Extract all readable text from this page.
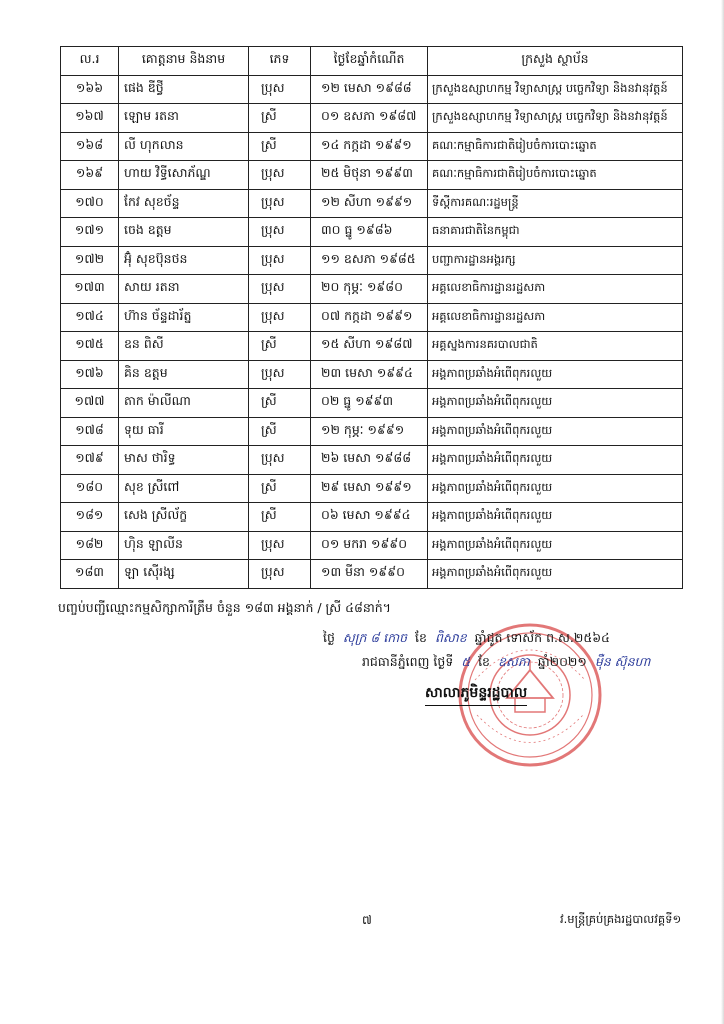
ល.រ	គោត្តនាម និងនាម	ភេទ	ថ្ងៃខែឆ្នាំកំណើត	ក្រសួង ស្ថាប័ន
១៦៦	ផេង ឌីថ្វី	ប្រុស	១២ មេសា ១៩៨៨	ក្រសួងឧស្សាហកម្ម វិទ្យាសាស្ត្រ បច្ចេកវិទ្យា និងនវានុវត្តន៍
១៦៧	ឡោម រតនា	ស្រី	០១ ឧសភា ១៩៨៧	ក្រសួងឧស្សាហកម្ម វិទ្យាសាស្ត្រ បច្ចេកវិទ្យា និងនវានុវត្តន៍
១៦៨	លី ហុកលាន	ស្រី	១៤ កក្កដា ១៩៩១	គណៈកម្មាធិការជាតិរៀបចំការបោះឆ្នោត
១៦៩	ហាយ វិទ្ធីសោភ័ណ្ឌ	ប្រុស	២៥ មិថុនា ១៩៩៣	គណៈកម្មាធិការជាតិរៀបចំការបោះឆ្នោត
១៧០	កែវ សុខច័ន្ទ	ប្រុស	១២ សីហា ១៩៩១	ទីស្តីការគណៈរដ្ឋមន្ត្រី
១៧១	ចេង ឧត្តម	ប្រុស	៣០ ធ្នូ ១៩៨៦	ធនាគារជាតិនៃកម្ពុជា
១៧២	អ៊ុំ សុខប៊ុនថន	ប្រុស	១១ ឧសភា ១៩៨៥	បញ្ជាការដ្ឋានអង្គរក្ស
១៧៣	សាយ រតនា	ប្រុស	២០ កុម្ភៈ ១៩៨០	អគ្គលេខាធិការដ្ឋានរដ្ឋសភា
១៧៤	ហ៊ាន ច័ន្ទដារ័ត្ន	ប្រុស	០៧ កក្កដា ១៩៩១	អគ្គលេខាធិការដ្ឋានរដ្ឋសភា
១៧៥	ឧន ពិសី	ស្រី	១៥ សីហា ១៩៨៧	អគ្គស្នងការនគរបាលជាតិ
១៧៦	គិន ឧត្តម	ប្រុស	២៣ មេសា ១៩៩៤	អង្គភាពប្រឆាំងអំពើពុករលួយ
១៧៧	តាក ម៉ាលីណា	ស្រី	០២ ធ្នូ ១៩៩៣	អង្គភាពប្រឆាំងអំពើពុករលួយ
១៧៨	ទុយ ធារី	ស្រី	១២ កុម្ភៈ ១៩៩១	អង្គភាពប្រឆាំងអំពើពុករលួយ
១៧៩	មាស ថារិទ្ធ	ប្រុស	២៦ មេសា ១៩៨៨	អង្គភាពប្រឆាំងអំពើពុករលួយ
១៨០	សុខ ស្រីពៅ	ស្រី	២៩ មេសា ១៩៩១	អង្គភាពប្រឆាំងអំពើពុករលួយ
១៨១	សេង ស្រីល័ក្ខ	ស្រី	០៦ មេសា ១៩៩៤	អង្គភាពប្រឆាំងអំពើពុករលួយ
១៨២	ហ៊ិន ឡាលីន	ប្រុស	០១ មករា ១៩៩០	អង្គភាពប្រឆាំងអំពើពុករលួយ
១៨៣	ឡា ស៊ើរង្ស	ប្រុស	១៣ មីនា ១៩៩០	អង្គភាពប្រឆាំងអំពើពុករលួយ
បញ្ចប់បញ្ជីឈ្មោះកម្មសិក្សាការីត្រឹម ចំនួន ១៨៣ អង្គនាក់ / ស្រី ៤៨នាក់។
ថ្ងៃ សុក្រ ៨ កោច ខែ ពិសាខ ឆ្នាំជូត ទោស័ក ព.ស.២៥៦៤
រាជធានីភ្នំពេញ ថ្ងៃទី ៥ ខែ ឧសភា ឆ្នាំ២០២១ ម៉ឺន ស៊ុនហា
សាលាភូមិន្ទរដ្ឋបាល
៧	វ.មន្ត្រីគ្រប់គ្រងរដ្ឋបាលវគ្គទី១
